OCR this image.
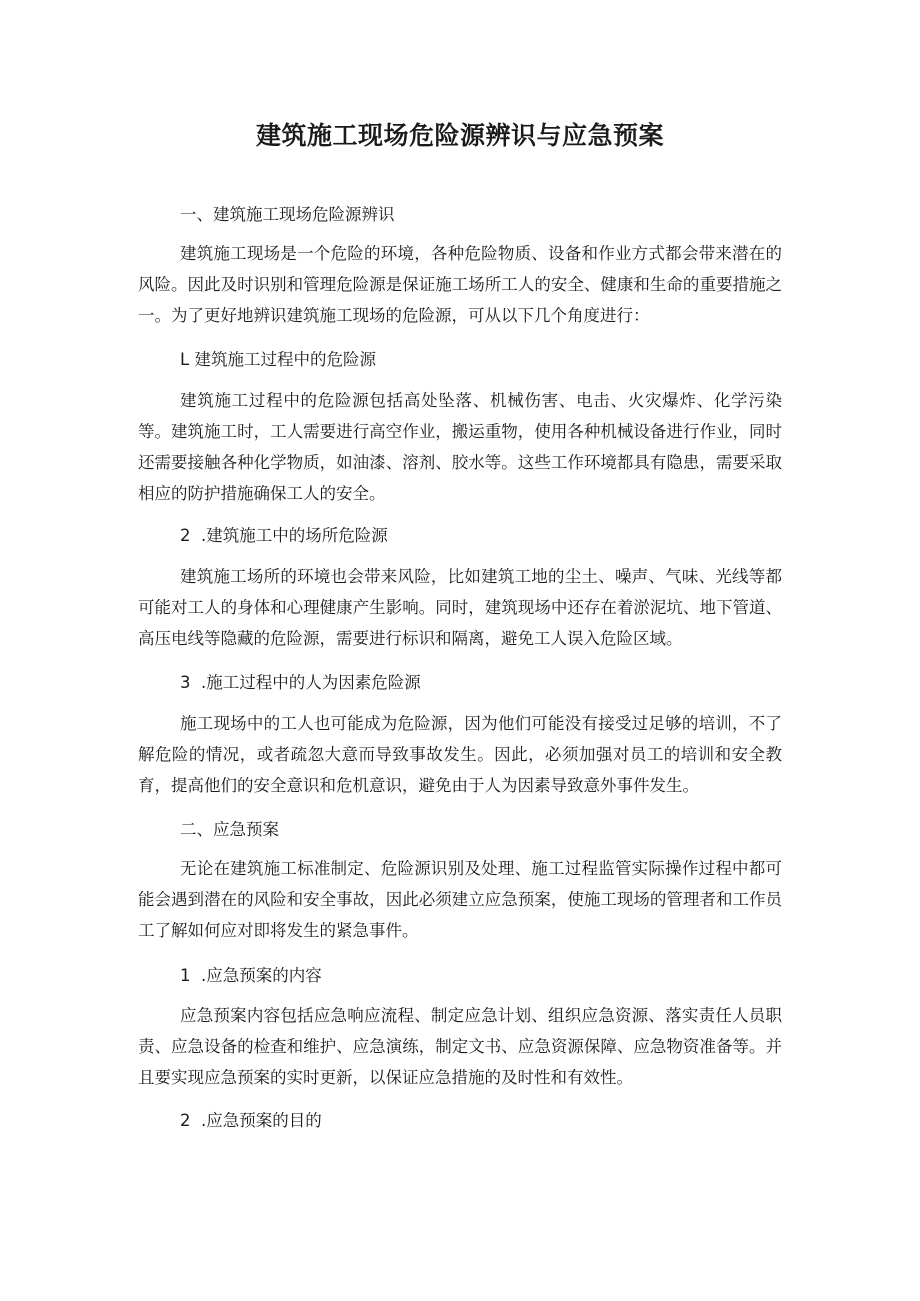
建筑施工现场危险源辨识与应急预案

一、建筑施工现场危险源辨识

建筑施工现场是一个危险的环境，各种危险物质、设备和作业方式都会带来潜在的风险。因此及时识别和管理危险源是保证施工场所工人的安全、健康和生命的重要措施之一。为了更好地辨识建筑施工现场的危险源，可从以下几个角度进行：

L 建筑施工过程中的危险源

建筑施工过程中的危险源包括高处坠落、机械伤害、电击、火灾爆炸、化学污染等。建筑施工时，工人需要进行高空作业，搬运重物，使用各种机械设备进行作业，同时还需要接触各种化学物质，如油漆、溶剂、胶水等。这些工作环境都具有隐患，需要采取相应的防护措施确保工人的安全。

2  .建筑施工中的场所危险源

建筑施工场所的环境也会带来风险，比如建筑工地的尘土、噪声、气味、光线等都可能对工人的身体和心理健康产生影响。同时，建筑现场中还存在着淤泥坑、地下管道、高压电线等隐藏的危险源，需要进行标识和隔离，避免工人误入危险区域。

3  .施工过程中的人为因素危险源

施工现场中的工人也可能成为危险源，因为他们可能没有接受过足够的培训，不了解危险的情况，或者疏忽大意而导致事故发生。因此，必须加强对员工的培训和安全教育，提高他们的安全意识和危机意识，避免由于人为因素导致意外事件发生。

二、应急预案

无论在建筑施工标准制定、危险源识别及处理、施工过程监管实际操作过程中都可能会遇到潜在的风险和安全事故，因此必须建立应急预案，使施工现场的管理者和工作员工了解如何应对即将发生的紧急事件。

1  .应急预案的内容

应急预案内容包括应急响应流程、制定应急计划、组织应急资源、落实责任人员职责、应急设备的检查和维护、应急演练，制定文书、应急资源保障、应急物资准备等。并且要实现应急预案的实时更新，以保证应急措施的及时性和有效性。

2  .应急预案的目的
